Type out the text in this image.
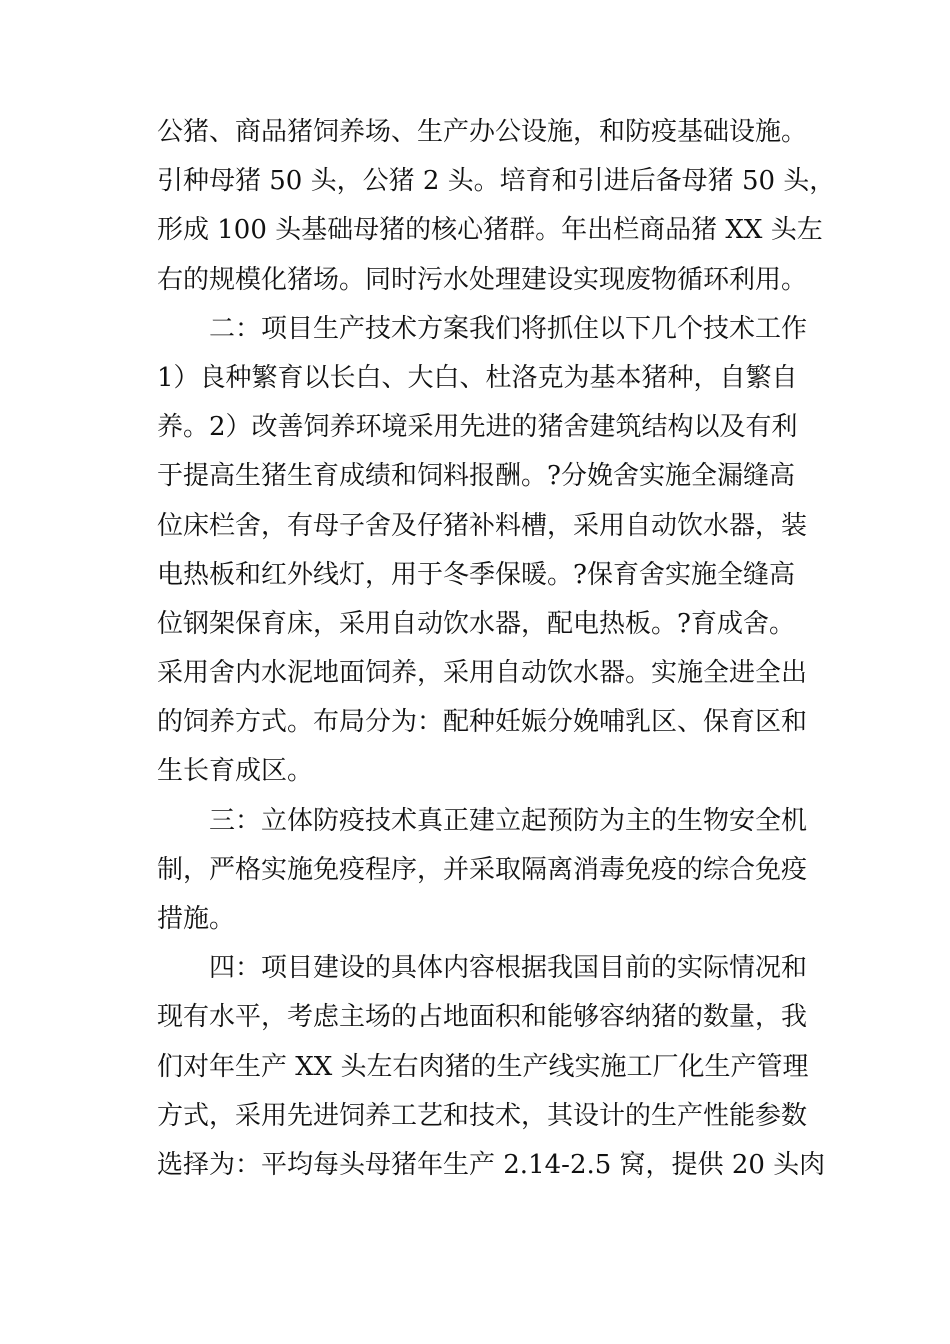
公猪、商品猪饲养场、生产办公设施，和防疫基础设施。
引种母猪 50 头，公猪 2 头。培育和引进后备母猪 50 头，
形成 100 头基础母猪的核心猪群。年出栏商品猪 XX 头左
右的规模化猪场。同时污水处理建设实现废物循环利用。
二：项目生产技术方案我们将抓住以下几个技术工作
1）良种繁育以长白、大白、杜洛克为基本猪种，自繁自
养。2）改善饲养环境采用先进的猪舍建筑结构以及有利
于提高生猪生育成绩和饲料报酬。?分娩舍实施全漏缝高
位床栏舍，有母子舍及仔猪补料槽，采用自动饮水器，装
电热板和红外线灯，用于冬季保暖。?保育舍实施全缝高
位钢架保育床，采用自动饮水器，配电热板。?育成舍。
采用舍内水泥地面饲养，采用自动饮水器。实施全进全出
的饲养方式。布局分为：配种妊娠分娩哺乳区、保育区和
生长育成区。
三：立体防疫技术真正建立起预防为主的生物安全机
制，严格实施免疫程序，并采取隔离消毒免疫的综合免疫
措施。
四：项目建设的具体内容根据我国目前的实际情况和
现有水平，考虑主场的占地面积和能够容纳猪的数量，我
们对年生产 XX 头左右肉猪的生产线实施工厂化生产管理
方式，采用先进饲养工艺和技术，其设计的生产性能参数
选择为：平均每头母猪年生产 2.14-2.5 窝，提供 20 头肉
